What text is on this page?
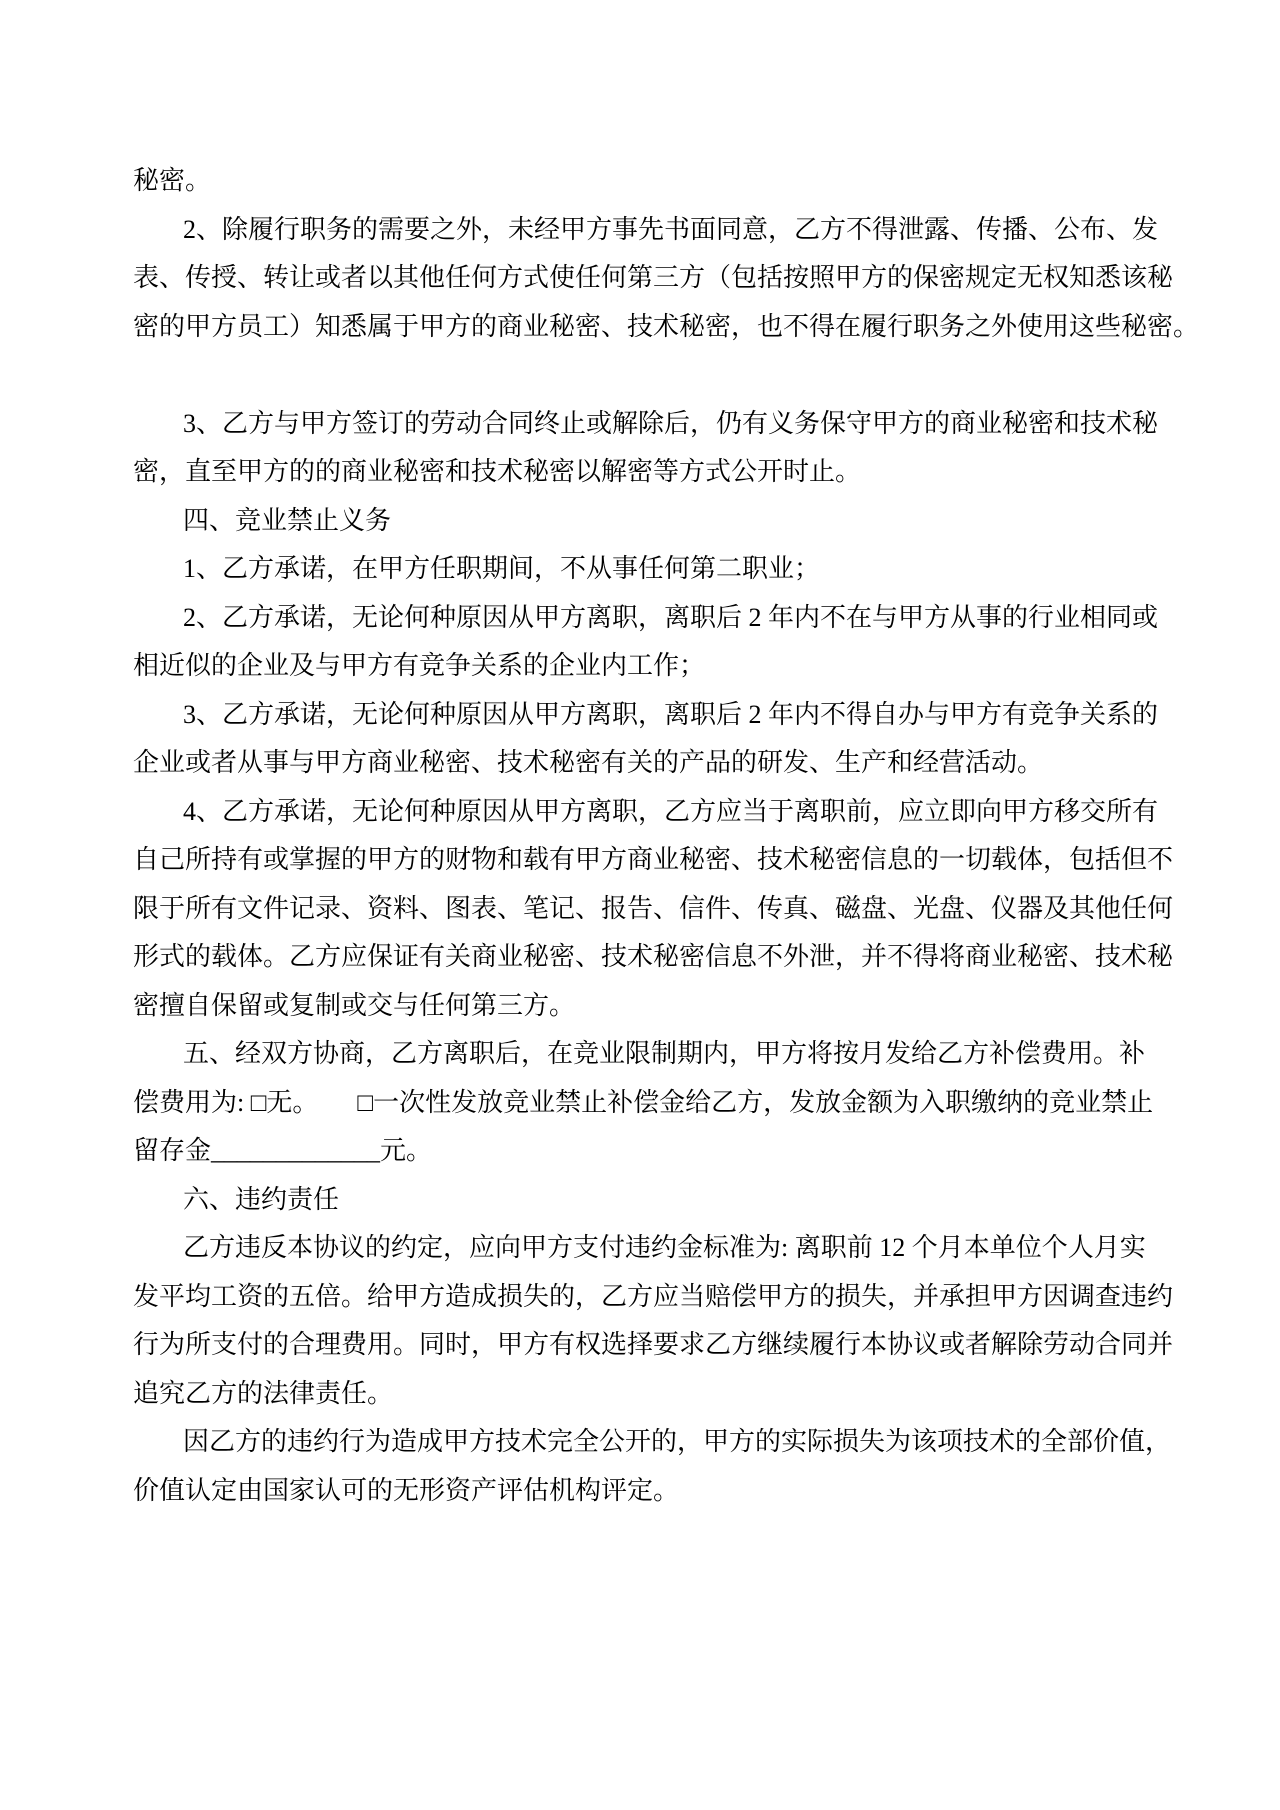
秘密。
2、除履行职务的需要之外，未经甲方事先书面同意，乙方不得泄露、传播、公布、发
表、传授、转让或者以其他任何方式使任何第三方（包括按照甲方的保密规定无权知悉该秘
密的甲方员工）知悉属于甲方的商业秘密、技术秘密，也不得在履行职务之外使用这些秘密。

3、乙方与甲方签订的劳动合同终止或解除后，仍有义务保守甲方的商业秘密和技术秘
密，直至甲方的的商业秘密和技术秘密以解密等方式公开时止。
四、竞业禁止义务
1、乙方承诺，在甲方任职期间，不从事任何第二职业；
2、乙方承诺，无论何种原因从甲方离职，离职后 2 年内不在与甲方从事的行业相同或
相近似的企业及与甲方有竞争关系的企业内工作；
3、乙方承诺，无论何种原因从甲方离职，离职后 2 年内不得自办与甲方有竞争关系的
企业或者从事与甲方商业秘密、技术秘密有关的产品的研发、生产和经营活动。
4、乙方承诺，无论何种原因从甲方离职，乙方应当于离职前，应立即向甲方移交所有
自己所持有或掌握的甲方的财物和载有甲方商业秘密、技术秘密信息的一切载体，包括但不
限于所有文件记录、资料、图表、笔记、报告、信件、传真、磁盘、光盘、仪器及其他任何
形式的载体。乙方应保证有关商业秘密、技术秘密信息不外泄，并不得将商业秘密、技术秘
密擅自保留或复制或交与任何第三方。
五、经双方协商，乙方离职后，在竞业限制期内，甲方将按月发给乙方补偿费用。补
偿费用为: □无。　　□一次性发放竞业禁止补偿金给乙方，发放金额为入职缴纳的竞业禁止
留存金_____________元。
六、违约责任
乙方违反本协议的约定，应向甲方支付违约金标准为: 离职前 12 个月本单位个人月实
发平均工资的五倍。给甲方造成损失的，乙方应当赔偿甲方的损失，并承担甲方因调查违约
行为所支付的合理费用。同时，甲方有权选择要求乙方继续履行本协议或者解除劳动合同并
追究乙方的法律责任。
因乙方的违约行为造成甲方技术完全公开的，甲方的实际损失为该项技术的全部价值，
价值认定由国家认可的无形资产评估机构评定。
